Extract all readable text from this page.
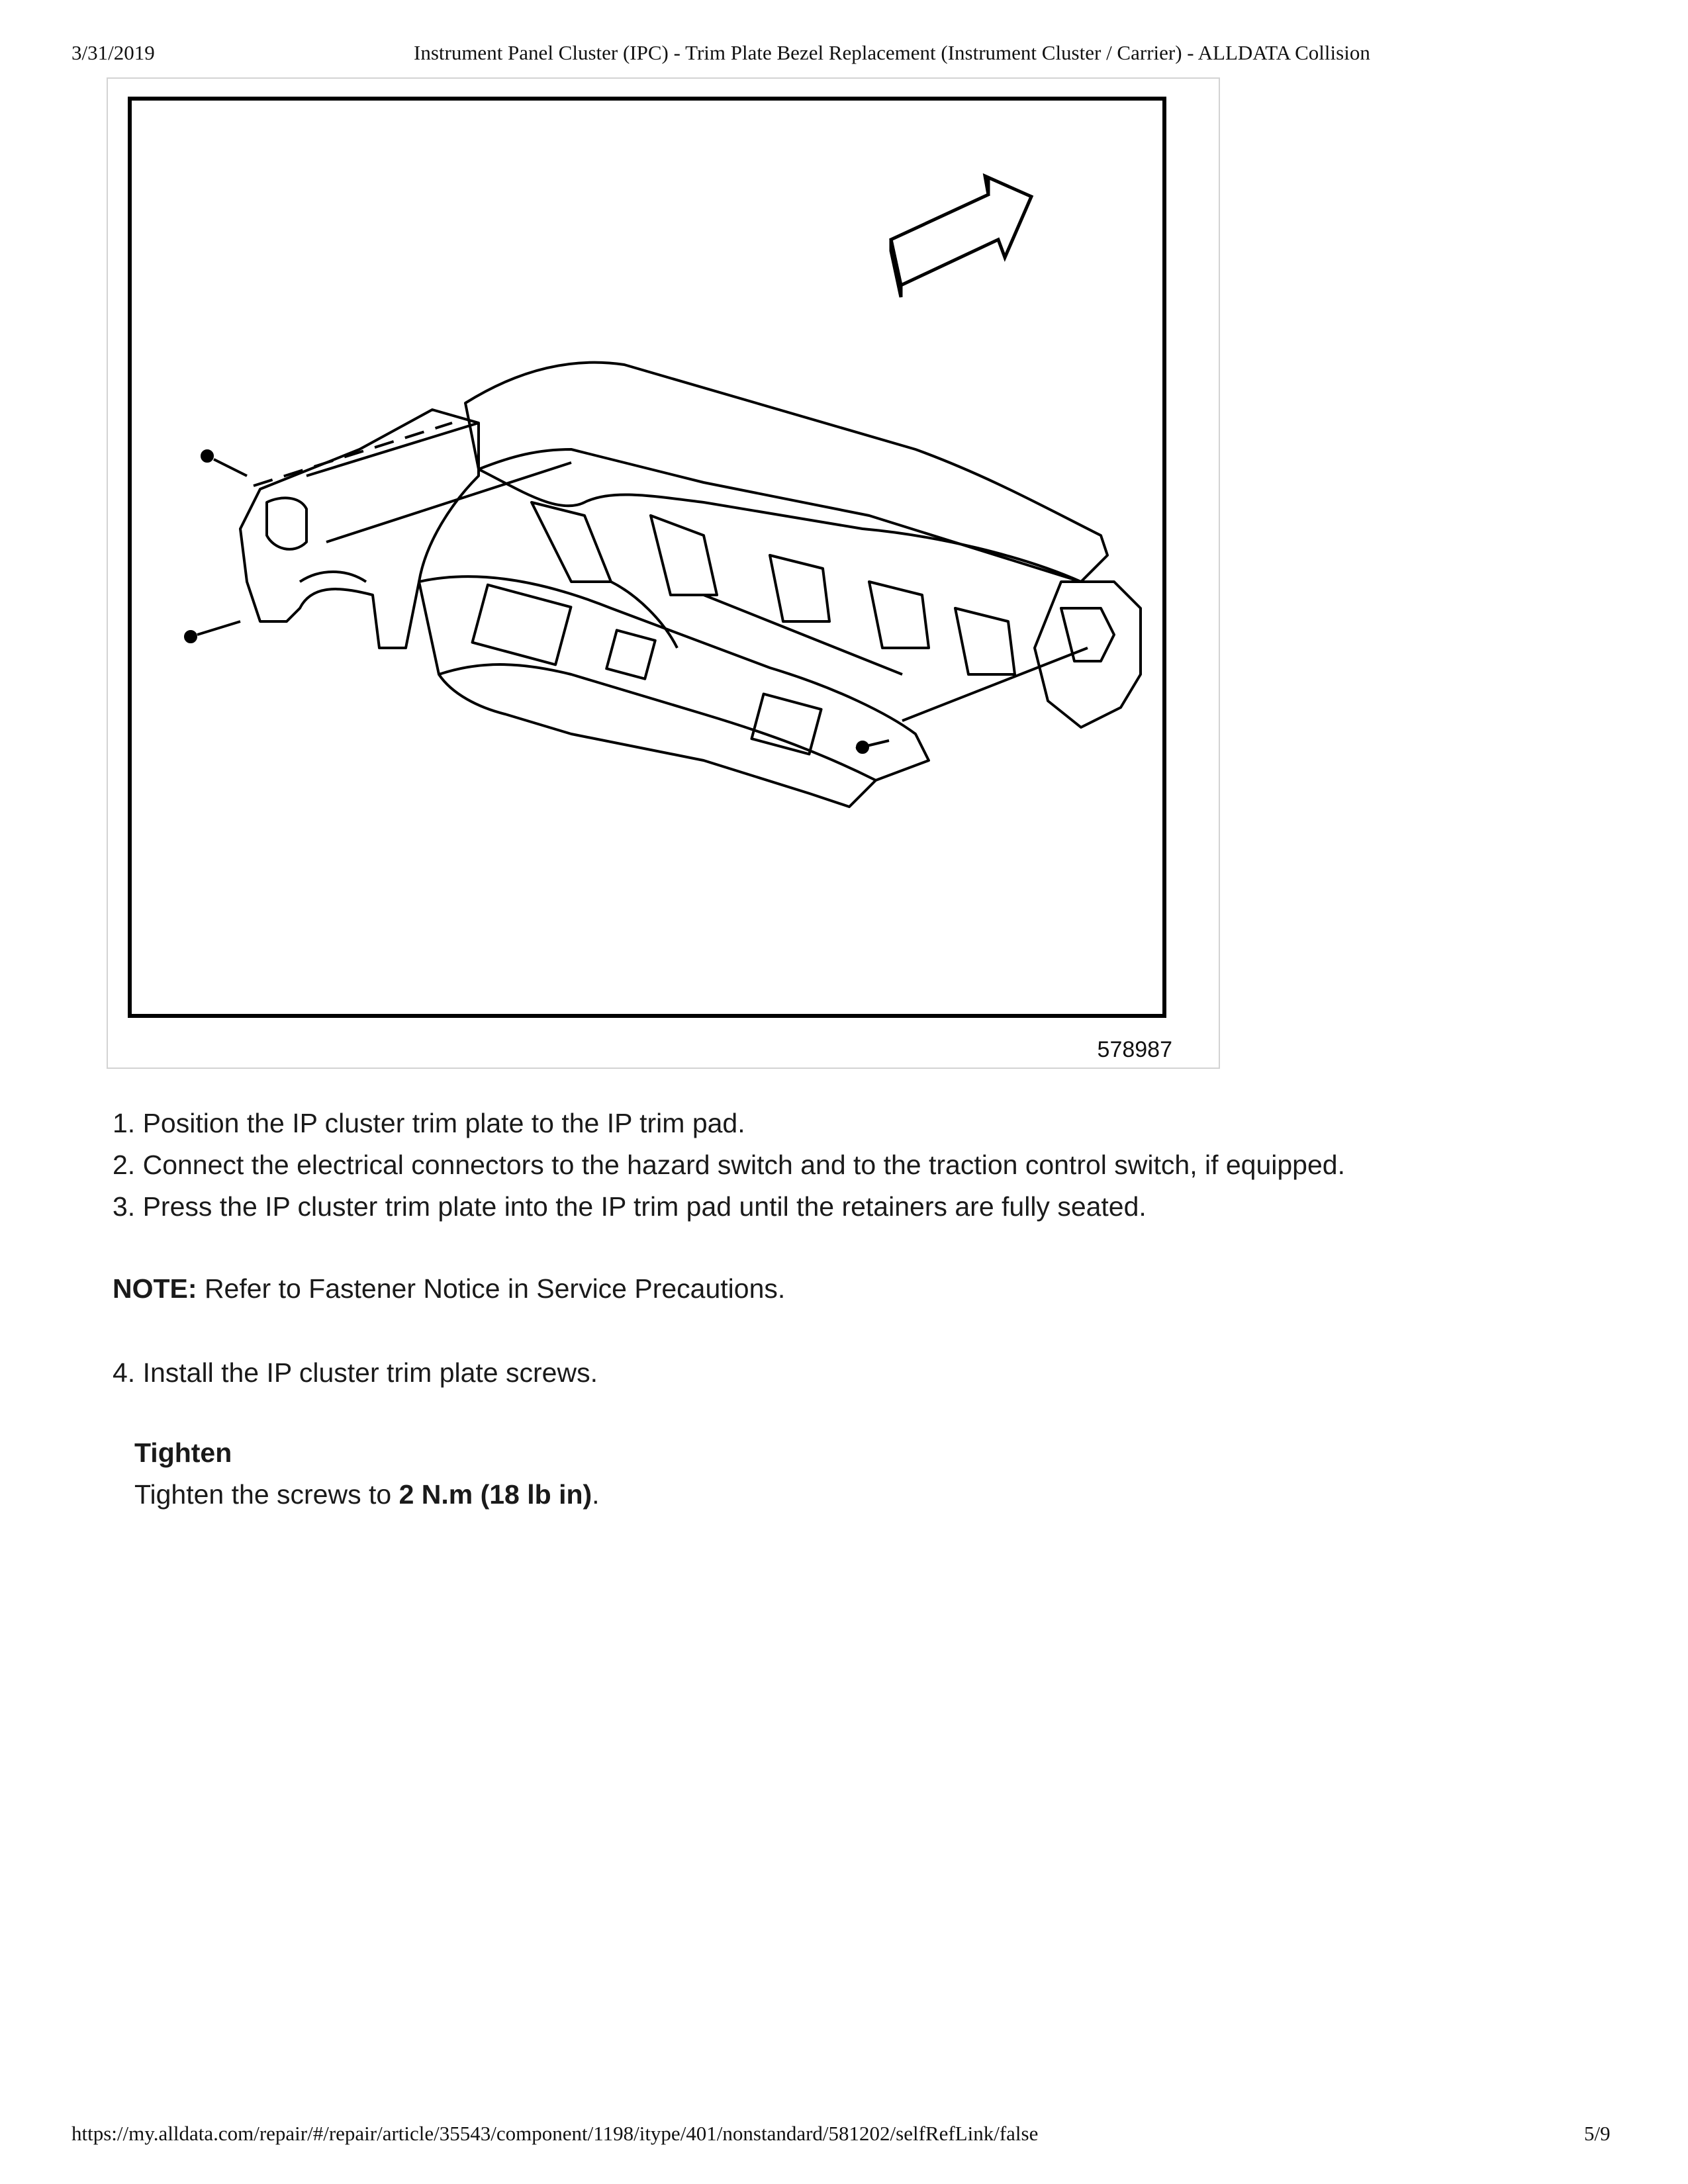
3/31/2019	Instrument Panel Cluster (IPC) - Trim Plate Bezel Replacement (Instrument Cluster / Carrier) - ALLDATA Collision
578987
1. Position the IP cluster trim plate to the IP trim pad.
2. Connect the electrical connectors to the hazard switch and to the traction control switch, if equipped.
3. Press the IP cluster trim plate into the IP trim pad until the retainers are fully seated.
NOTE: Refer to Fastener Notice in Service Precautions.
4. Install the IP cluster trim plate screws.
Tighten
Tighten the screws to 2 N.m (18 lb in).
https://my.alldata.com/repair/#/repair/article/35543/component/1198/itype/401/nonstandard/581202/selfRefLink/false	5/9
